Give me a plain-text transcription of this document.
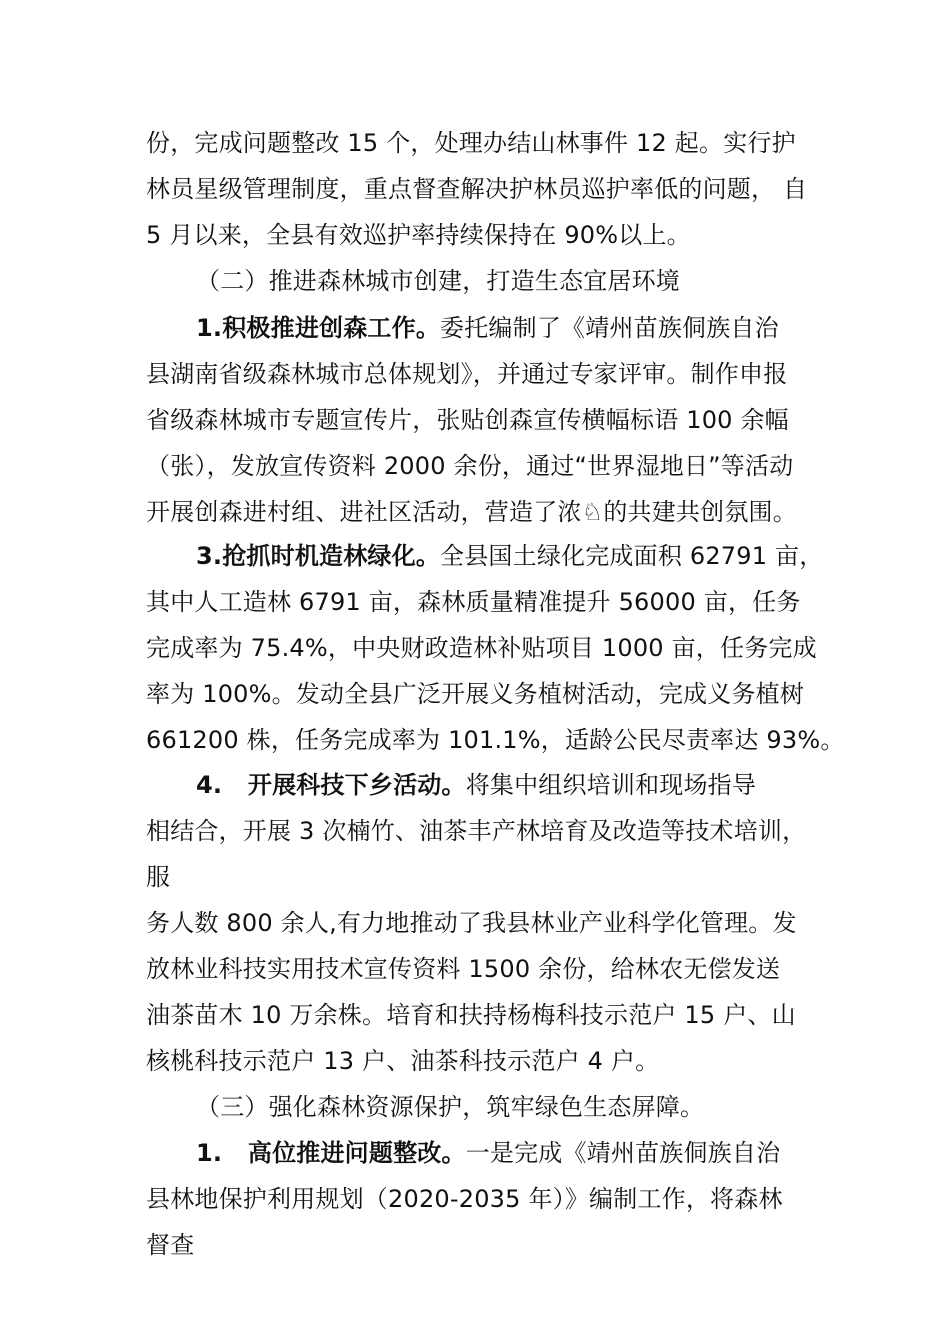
份，完成问题整改 15 个，处理办结山林事件 12 起。实行护
林员星级管理制度，重点督查解决护林员巡护率低的问题， 自
5 月以来，全县有效巡护率持续保持在 90%以上。
（二）推进森林城市创建，打造生态宜居环境
1.积极推进创森工作。委托编制了《靖州苗族侗族自治
县湖南省级森林城市总体规划》，并通过专家评审。制作申报
省级森林城市专题宣传片，张贴创森宣传横幅标语 100 余幅
（张），发放宣传资料 2000 余份，通过“世界湿地日”等活动
开展创森进村组、进社区活动，营造了浓♘的共建共创氛围。
3.抢抓时机造林绿化。全县国土绿化完成面积 62791 亩，
其中人工造林 6791 亩，森林质量精准提升 56000 亩，任务
完成率为 75.4%，中央财政造林补贴项目 1000 亩，任务完成
率为 100%。发动全县广泛开展义务植树活动，完成义务植树
661200 株，任务完成率为 101.1%，适龄公民尽责率达 93%。
4.   开展科技下乡活动。将集中组织培训和现场指导
相结合，开展 3 次楠竹、油茶丰产林培育及改造等技术培训，
服
务人数 800 余人,有力地推动了我县林业产业科学化管理。发
放林业科技实用技术宣传资料 1500 余份，给林农无偿发送
油茶苗木 10 万余株。培育和扶持杨梅科技示范户 15 户、山
核桃科技示范户 13 户、油茶科技示范户 4 户。
（三）强化森林资源保护，筑牢绿色生态屏障。
1.   高位推进问题整改。一是完成《靖州苗族侗族自治
县林地保护利用规划（2020-2035 年）》编制工作，将森林
督查
